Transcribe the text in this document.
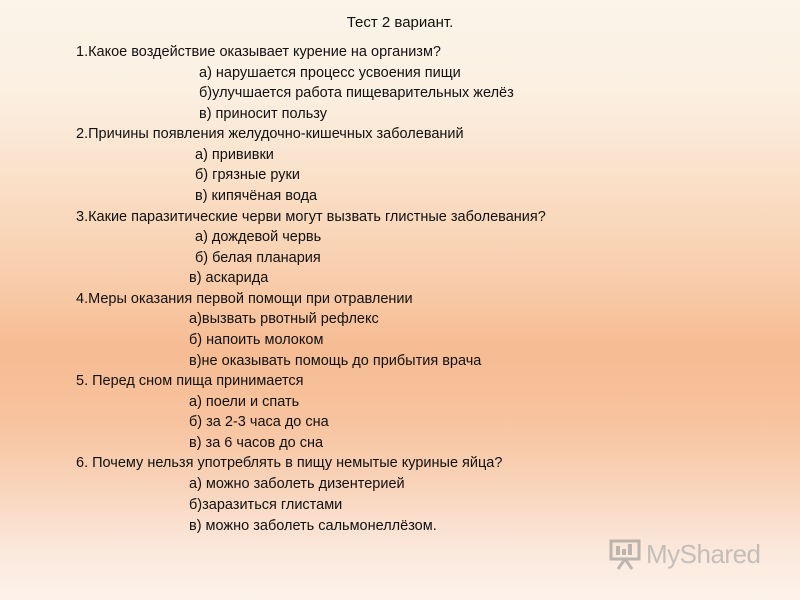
Тест 2 вариант.
1.Какое воздействие оказывает курение на организм?
а) нарушается процесс усвоения пищи
б)улучшается работа пищеварительных желёз
в) приносит пользу
2.Причины появления желудочно-кишечных заболеваний
а) прививки
б) грязные руки
в) кипячёная вода
3.Какие паразитические черви могут вызвать глистные заболевания?
а) дождевой червь
б) белая планария
в) аскарида
4.Меры оказания первой помощи при отравлении
а)вызвать рвотный рефлекс
б) напоить молоком
в)не оказывать помощь до прибытия врача
5. Перед сном пища принимается
а) поели и спать
б) за 2-3 часа до сна
в) за 6 часов до сна
6. Почему нельзя употреблять в пищу немытые куриные яйца?
а) можно заболеть дизентерией
б)заразиться глистами
в) можно заболеть сальмонеллёзом.
MyShared
